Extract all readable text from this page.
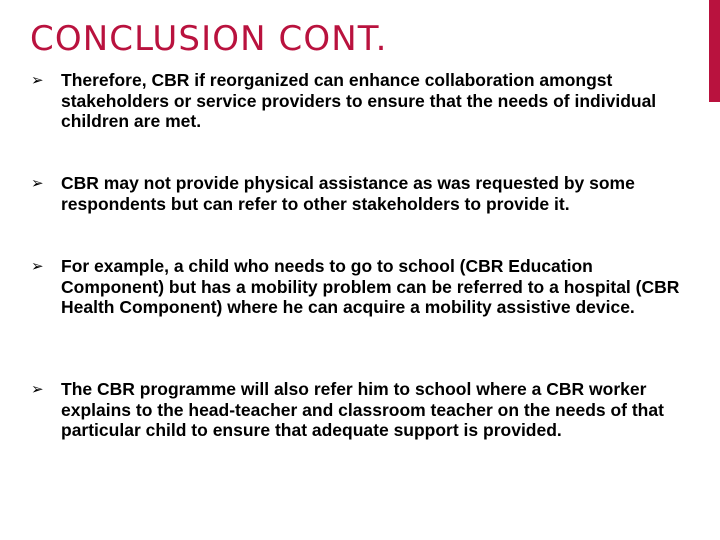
CONCLUSION CONT.
➢ Therefore, CBR if reorganized can enhance collaboration amongst stakeholders or service providers to ensure that the needs of individual children are met.
➢ CBR may not provide physical assistance as was requested by some respondents but can refer to other stakeholders to provide it.
➢ For example, a child who needs to go to school (CBR Education Component) but has a mobility problem can be referred to a hospital (CBR Health Component) where he can acquire a mobility assistive device.
➢ The CBR programme will also refer him to school where a CBR worker explains to the head-teacher and classroom teacher on the needs of that particular child to ensure that adequate support is provided.
